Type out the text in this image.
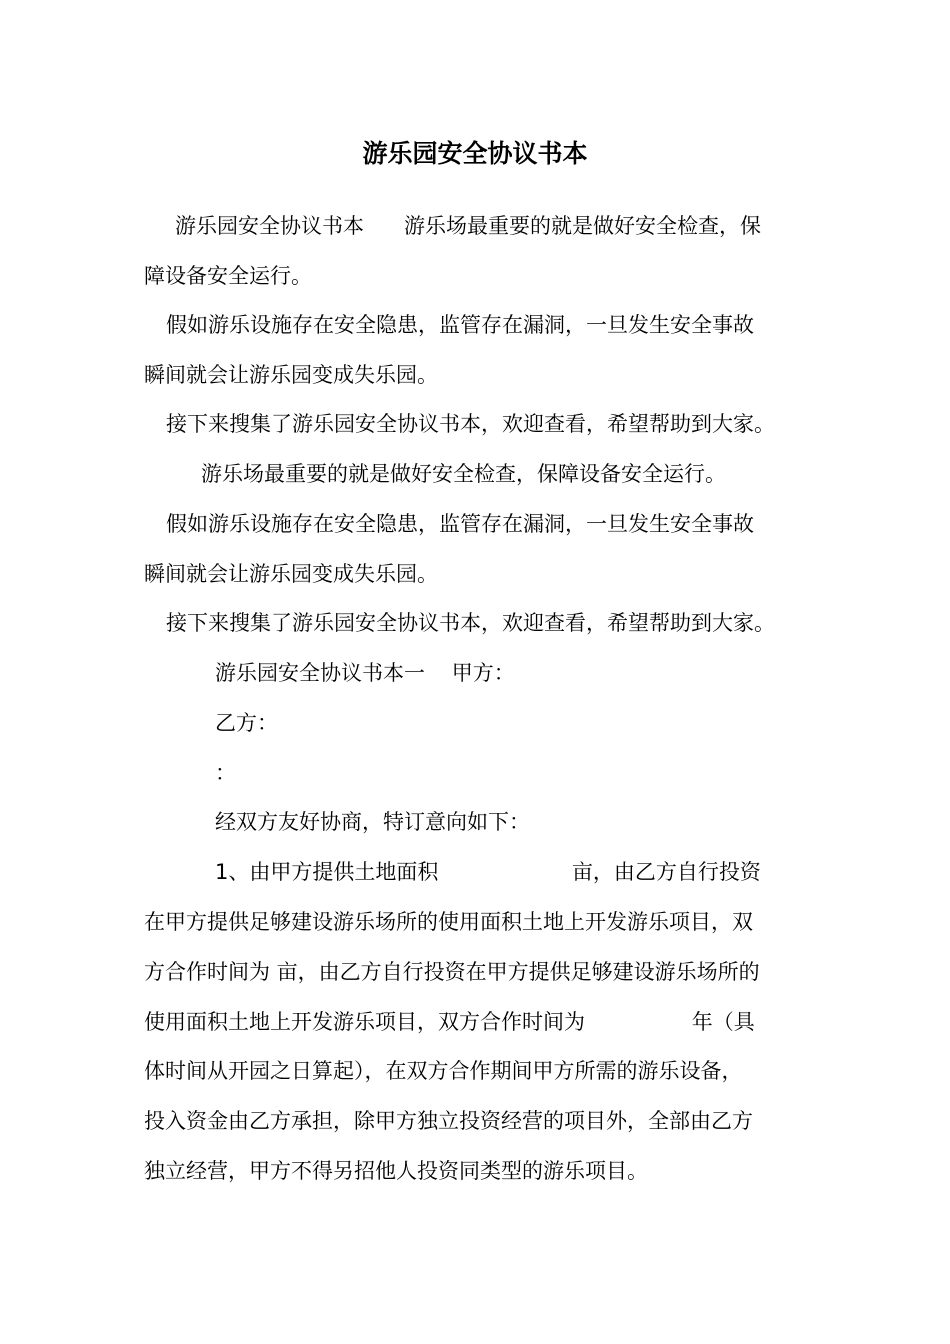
游乐园安全协议书本
游乐园安全协议书本      游乐场最重要的就是做好安全检查，保
障设备安全运行。
假如游乐设施存在安全隐患，监管存在漏洞，一旦发生安全事故
瞬间就会让游乐园变成失乐园。
接下来搜集了游乐园安全协议书本，欢迎查看，希望帮助到大家。
游乐场最重要的就是做好安全检查，保障设备安全运行。
假如游乐设施存在安全隐患，监管存在漏洞，一旦发生安全事故
瞬间就会让游乐园变成失乐园。
接下来搜集了游乐园安全协议书本，欢迎查看，希望帮助到大家。
游乐园安全协议书本一    甲方：
乙方：
：
经双方友好协商，特订意向如下：
1、由甲方提供土地面积                    亩，由乙方自行投资
在甲方提供足够建设游乐场所的使用面积土地上开发游乐项目，双
方合作时间为 亩，由乙方自行投资在甲方提供足够建设游乐场所的
使用面积土地上开发游乐项目，双方合作时间为                年（具
体时间从开园之日算起），在双方合作期间甲方所需的游乐设备，
投入资金由乙方承担，除甲方独立投资经营的项目外，全部由乙方
独立经营，甲方不得另招他人投资同类型的游乐项目。
